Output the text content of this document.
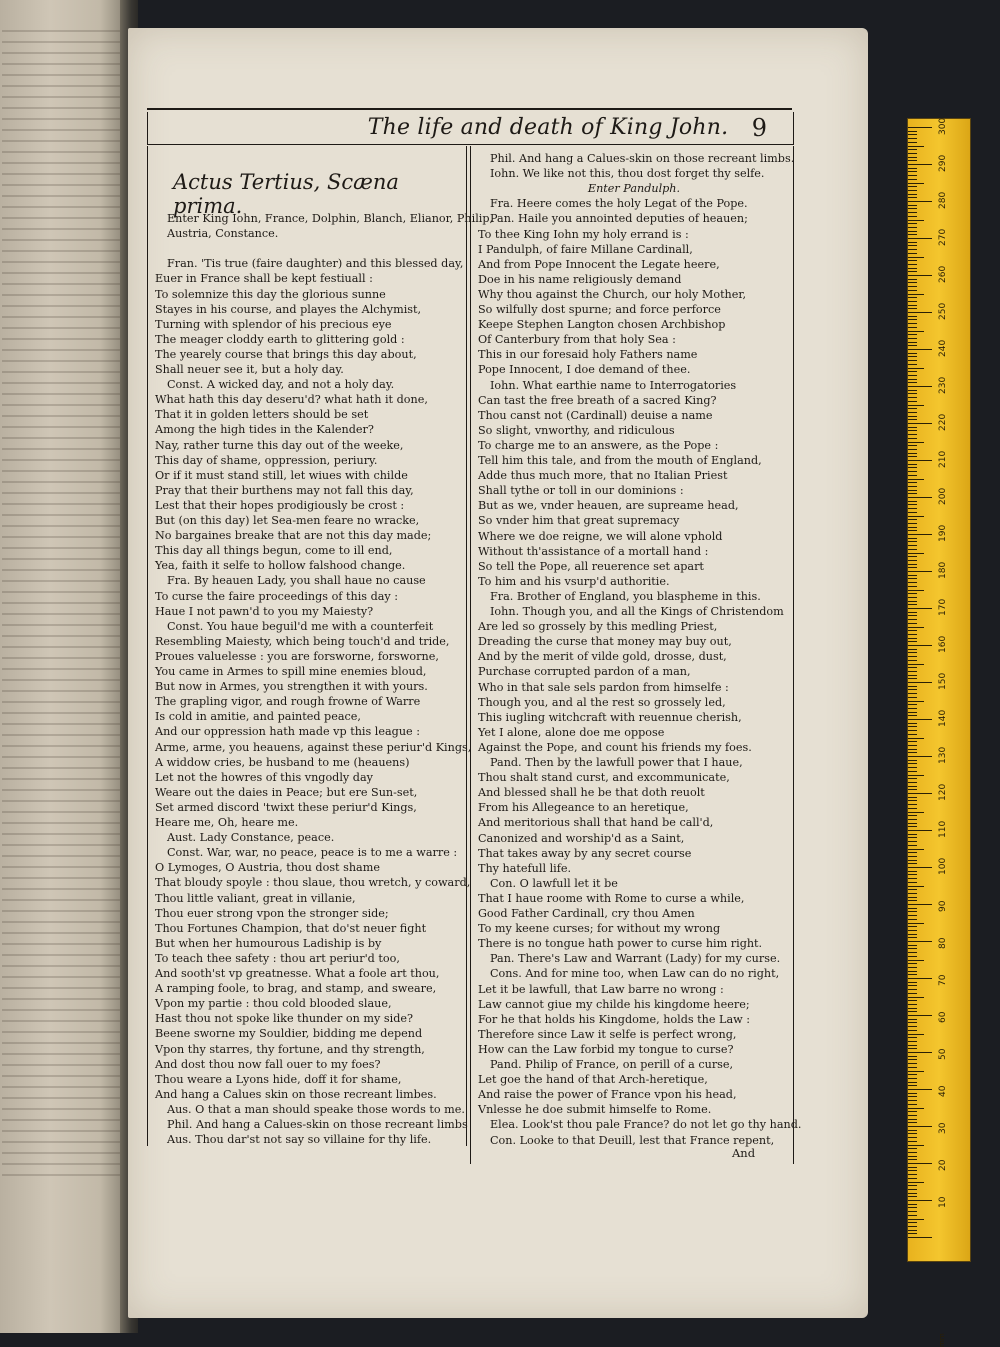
The life and death of King John. 9
Actus Tertius, Scæna prima.
Enter King Iohn, France, Dolphin, Blanch, Elianor, Philip,
Austria, Constance.
Fran. 'Tis true (faire daughter) and this blessed day,
Euer in France shall be kept festiuall :
To solemnize this day the glorious sunne
Stayes in his course, and playes the Alchymist,
Turning with splendor of his precious eye
The meager cloddy earth to glittering gold :
The yearely course that brings this day about,
Shall neuer see it, but a holy day.
Const. A wicked day, and not a holy day.
What hath this day deseru'd? what hath it done,
That it in golden letters should be set
Among the high tides in the Kalender?
Nay, rather turne this day out of the weeke,
This day of shame, oppression, periury.
Or if it must stand still, let wiues with childe
Pray that their burthens may not fall this day,
Lest that their hopes prodigiously be crost :
But (on this day) let Sea-men feare no wracke,
No bargaines breake that are not this day made;
This day all things begun, come to ill end,
Yea, faith it selfe to hollow falshood change.
Fra. By heauen Lady, you shall haue no cause
To curse the faire proceedings of this day :
Haue I not pawn'd to you my Maiesty?
Const. You haue beguil'd me with a counterfeit
Resembling Maiesty, which being touch'd and tride,
Proues valuelesse : you are forsworne, forsworne,
You came in Armes to spill mine enemies bloud,
But now in Armes, you strengthen it with yours.
The grapling vigor, and rough frowne of Warre
Is cold in amitie, and painted peace,
And our oppression hath made vp this league :
Arme, arme, you heauens, against these periur'd Kings,
A widdow cries, be husband to me (heauens)
Let not the howres of this vngodly day
Weare out the daies in Peace; but ere Sun-set,
Set armed discord 'twixt these periur'd Kings,
Heare me, Oh, heare me.
Aust. Lady Constance, peace.
Const. War, war, no peace, peace is to me a warre :
O Lymoges, O Austria, thou dost shame
That bloudy spoyle : thou slaue, thou wretch, y coward,
Thou little valiant, great in villanie,
Thou euer strong vpon the stronger side;
Thou Fortunes Champion, that do'st neuer fight
But when her humourous Ladiship is by
To teach thee safety : thou art periur'd too,
And sooth'st vp greatnesse. What a foole art thou,
A ramping foole, to brag, and stamp, and sweare,
Vpon my partie : thou cold blooded slaue,
Hast thou not spoke like thunder on my side?
Beene sworne my Souldier, bidding me depend
Vpon thy starres, thy fortune, and thy strength,
And dost thou now fall ouer to my foes?
Thou weare a Lyons hide, doff it for shame,
And hang a Calues skin on those recreant limbes.
Aus. O that a man should speake those words to me.
Phil. And hang a Calues-skin on those recreant limbs
Aus. Thou dar'st not say so villaine for thy life.
Phil. And hang a Calues-skin on those recreant limbs.
Iohn. We like not this, thou dost forget thy selfe.
Enter Pandulph.
Fra. Heere comes the holy Legat of the Pope.
Pan. Haile you annointed deputies of heauen;
To thee King Iohn my holy errand is :
I Pandulph, of faire Millane Cardinall,
And from Pope Innocent the Legate heere,
Doe in his name religiously demand
Why thou against the Church, our holy Mother,
So wilfully dost spurne; and force perforce
Keepe Stephen Langton chosen Archbishop
Of Canterbury from that holy Sea :
This in our foresaid holy Fathers name
Pope Innocent, I doe demand of thee.
Iohn. What earthie name to Interrogatories
Can tast the free breath of a sacred King?
Thou canst not (Cardinall) deuise a name
So slight, vnworthy, and ridiculous
To charge me to an answere, as the Pope :
Tell him this tale, and from the mouth of England,
Adde thus much more, that no Italian Priest
Shall tythe or toll in our dominions :
But as we, vnder heauen, are supreame head,
So vnder him that great supremacy
Where we doe reigne, we will alone vphold
Without th'assistance of a mortall hand :
So tell the Pope, all reuerence set apart
To him and his vsurp'd authoritie.
Fra. Brother of England, you blaspheme in this.
Iohn. Though you, and all the Kings of Christendom
Are led so grossely by this medling Priest,
Dreading the curse that money may buy out,
And by the merit of vilde gold, drosse, dust,
Purchase corrupted pardon of a man,
Who in that sale sels pardon from himselfe :
Though you, and al the rest so grossely led,
This iugling witchcraft with reuennue cherish,
Yet I alone, alone doe me oppose
Against the Pope, and count his friends my foes.
Pand. Then by the lawfull power that I haue,
Thou shalt stand curst, and excommunicate,
And blessed shall he be that doth reuolt
From his Allegeance to an heretique,
And meritorious shall that hand be call'd,
Canonized and worship'd as a Saint,
That takes away by any secret course
Thy hatefull life.
Con. O lawfull let it be
That I haue roome with Rome to curse a while,
Good Father Cardinall, cry thou Amen
To my keene curses; for without my wrong
There is no tongue hath power to curse him right.
Pan. There's Law and Warrant (Lady) for my curse.
Cons. And for mine too, when Law can do no right,
Let it be lawfull, that Law barre no wrong :
Law cannot giue my childe his kingdome heere;
For he that holds his Kingdome, holds the Law :
Therefore since Law it selfe is perfect wrong,
How can the Law forbid my tongue to curse?
Pand. Philip of France, on perill of a curse,
Let goe the hand of that Arch-heretique,
And raise the power of France vpon his head,
Vnlesse he doe submit himselfe to Rome.
Elea. Look'st thou pale France? do not let go thy hand.
Con. Looke to that Deuill, lest that France repent,
And
mm
10
20
30
40
50
60
70
80
90
100
110
120
130
140
150
160
170
180
190
200
210
220
230
240
250
260
270
280
290
300
